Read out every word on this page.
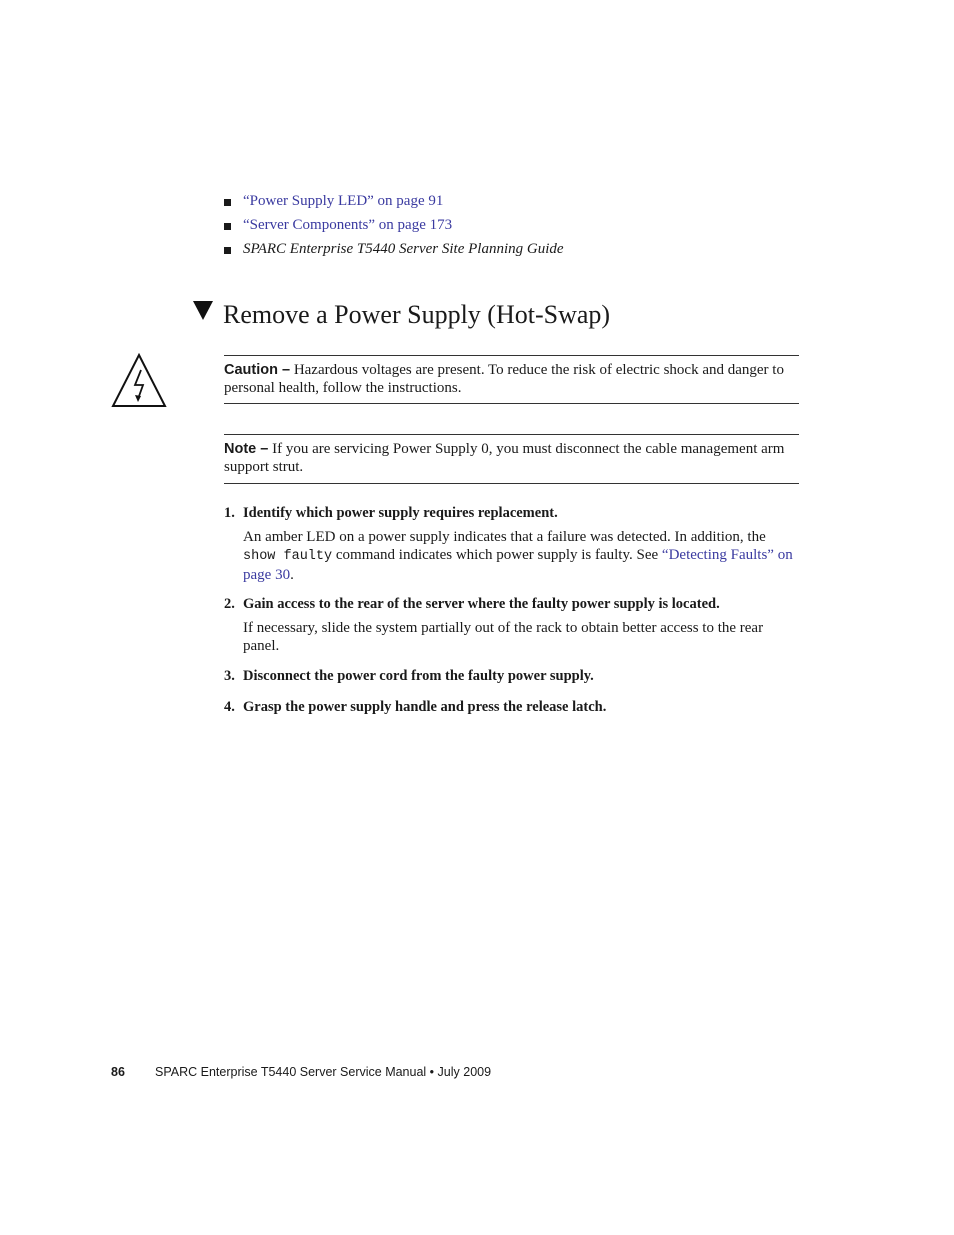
“Power Supply LED” on page 91
“Server Components” on page 173
SPARC Enterprise T5440 Server Site Planning Guide
Remove a Power Supply (Hot-Swap)
Caution – Hazardous voltages are present. To reduce the risk of electric shock and danger to personal health, follow the instructions.
Note – If you are servicing Power Supply 0, you must disconnect the cable management arm support strut.
1. Identify which power supply requires replacement.
An amber LED on a power supply indicates that a failure was detected. In addition, the show faulty command indicates which power supply is faulty. See “Detecting Faults” on page 30.
2. Gain access to the rear of the server where the faulty power supply is located.
If necessary, slide the system partially out of the rack to obtain better access to the rear panel.
3. Disconnect the power cord from the faulty power supply.
4. Grasp the power supply handle and press the release latch.
86 SPARC Enterprise T5440 Server Service Manual • July 2009
